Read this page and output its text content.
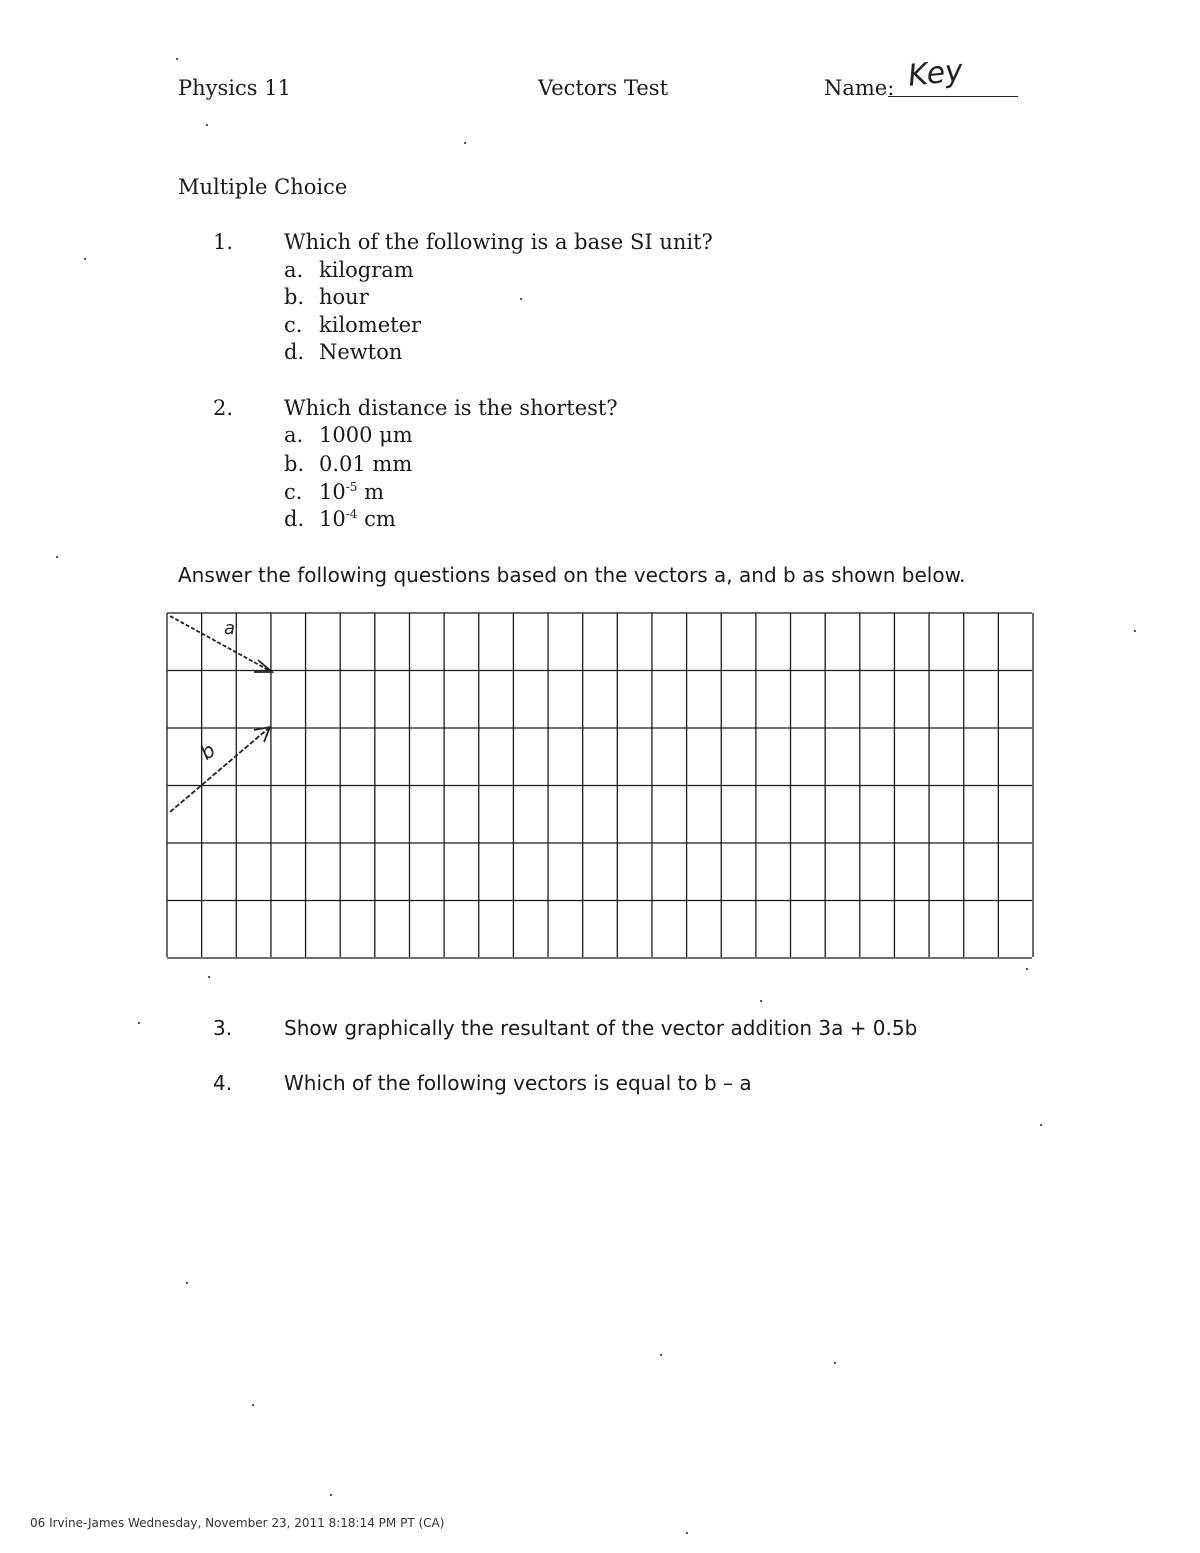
Physics 11	Vectors Test	Name: Key
Multiple Choice
1. Which of the following is a base SI unit?
a. kilogram
b. hour
c. kilometer
d. Newton
2. Which distance is the shortest?
a. 1000 μm
b. 0.01 mm
c. $10^{-5}$ m
d. $10^{-4}$ cm
Answer the following questions based on the vectors a, and b as shown below.
a
b
3.	Show graphically the resultant of the vector addition 3a + 0.5b
4.	Which of the following vectors is equal to b – a
06 Irvine-James Wednesday, November 23, 2011 8:18:14 PM PT (CA)
